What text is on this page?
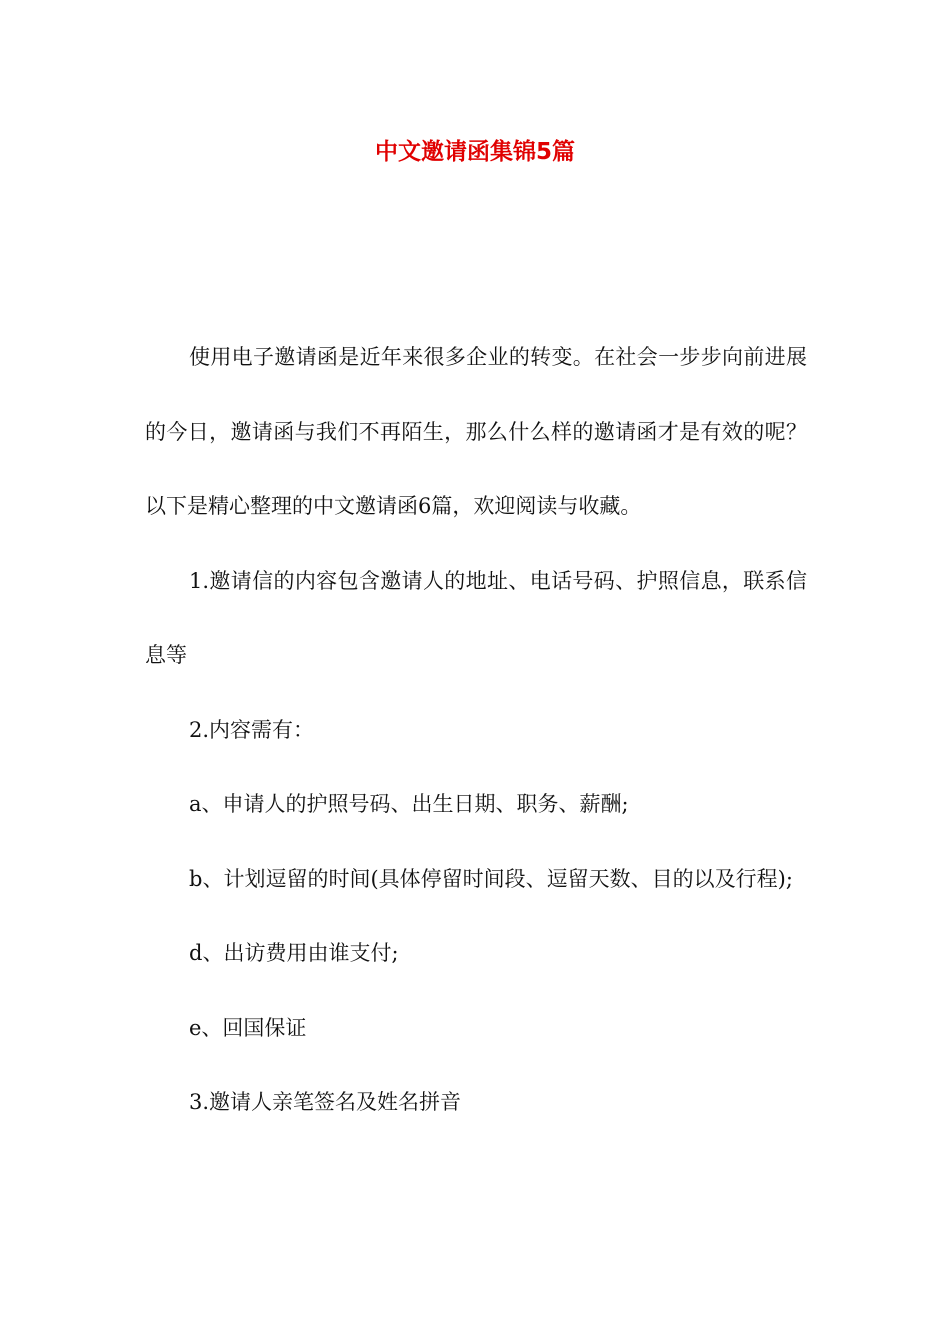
中文邀请函集锦5篇

使用电子邀请函是近年来很多企业的转变。在社会一步步向前进展的今日，邀请函与我们不再陌生，那么什么样的邀请函才是有效的呢？以下是精心整理的中文邀请函6篇，欢迎阅读与收藏。

1.邀请信的内容包含邀请人的地址、电话号码、护照信息，联系信息等

2.内容需有：

a、申请人的护照号码、出生日期、职务、薪酬;

b、计划逗留的时间(具体停留时间段、逗留天数、目的以及行程);

d、出访费用由谁支付;

e、回国保证

3.邀请人亲笔签名及姓名拼音
